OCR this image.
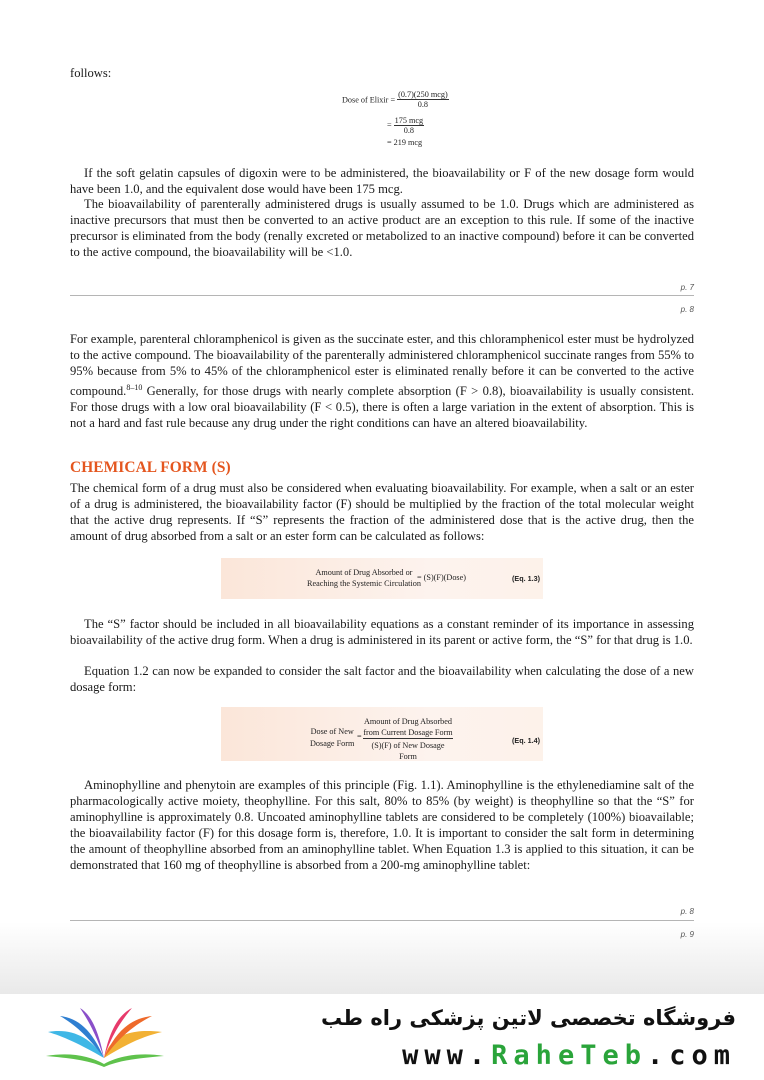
follows:

Dose of Elixir = $\frac{\text{(0.7)(250 mcg)}}{0.8}$
= $\frac{\text{175 mcg}}{0.8}$
= 219 mcg

If the soft gelatin capsules of digoxin were to be administered, the bioavailability or F of the new dosage form would have been 1.0, and the equivalent dose would have been 175 mcg.

The bioavailability of parenterally administered drugs is usually assumed to be 1.0. Drugs which are administered as inactive precursors that must then be converted to an active product are an exception to this rule. If some of the inactive precursor is eliminated from the body (renally excreted or metabolized to an inactive compound) before it can be converted to the active compound, the bioavailability will be <1.0.

p. 7
p. 8

For example, parenteral chloramphenicol is given as the succinate ester, and this chloramphenicol ester must be hydrolyzed to the active compound. The bioavailability of the parenterally administered chloramphenicol succinate ranges from 55% to 95% because from 5% to 45% of the chloramphenicol ester is eliminated renally before it can be converted to the active compound.$^{8-10}$ Generally, for those drugs with nearly complete absorption (F > 0.8), bioavailability is usually consistent. For those drugs with a low oral bioavailability (F < 0.5), there is often a large variation in the extent of absorption. This is not a hard and fast rule because any drug under the right conditions can have an altered bioavailability.

CHEMICAL FORM (S)

The chemical form of a drug must also be considered when evaluating bioavailability. For example, when a salt or an ester of a drug is administered, the bioavailability factor (F) should be multiplied by the fraction of the total molecular weight that the active drug represents. If “S” represents the fraction of the administered dose that is the active drug, then the amount of drug absorbed from a salt or an ester form can be calculated as follows:

Amount of Drug Absorbed or
Reaching the Systemic Circulation
= (S)(F)(Dose)	(Eq. 1.3)

The “S” factor should be included in all bioavailability equations as a constant reminder of its importance in assessing bioavailability of the active drug form. When a drug is administered in its parent or active form, the “S” for that drug is 1.0.

Equation 1.2 can now be expanded to consider the salt factor and the bioavailability when calculating the dose of a new dosage form:

Dose of New
Dosage Form
=
Amount of Drug Absorbed
from Current Dosage Form
(S)(F) of New Dosage Form
(Eq. 1.4)

Aminophylline and phenytoin are examples of this principle (Fig. 1.1). Aminophylline is the ethylenediamine salt of the pharmacologically active moiety, theophylline. For this salt, 80% to 85% (by weight) is theophylline so that the “S” for aminophylline is approximately 0.8. Uncoated aminophylline tablets are considered to be completely (100%) bioavailable; the bioavailability factor (F) for this dosage form is, therefore, 1.0. It is important to consider the salt form in determining the amount of theophylline absorbed from an aminophylline tablet. When Equation 1.3 is applied to this situation, it can be demonstrated that 160 mg of theophylline is absorbed from a 200-mg aminophylline tablet:

p. 8
p. 9
فروشگاه تخصصی لاتین پزشکی راه طب
www.RaheTeb.com
